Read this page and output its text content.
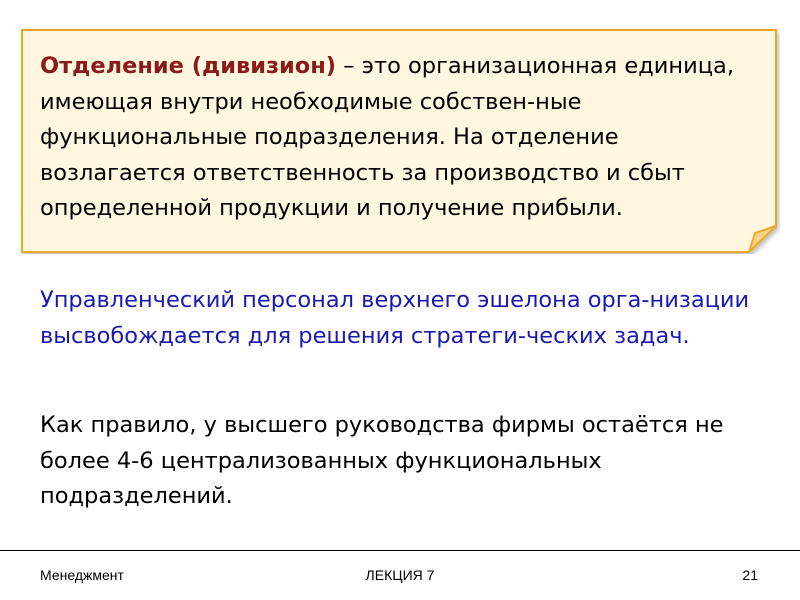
Отделение (дивизион) – это организационная единица, имеющая внутри необходимые собствен-ные функциональные подразделения. На отделение возлагается ответственность за производство и сбыт определенной продукции и получение прибыли.

Управленческий персонал верхнего эшелона орга-низации высвобождается для решения стратеги-ческих задач.

Как правило, у высшего руководства фирмы остаётся не более 4-6 централизованных функциональных подразделений.

Менеджмент	ЛЕКЦИЯ 7	21
